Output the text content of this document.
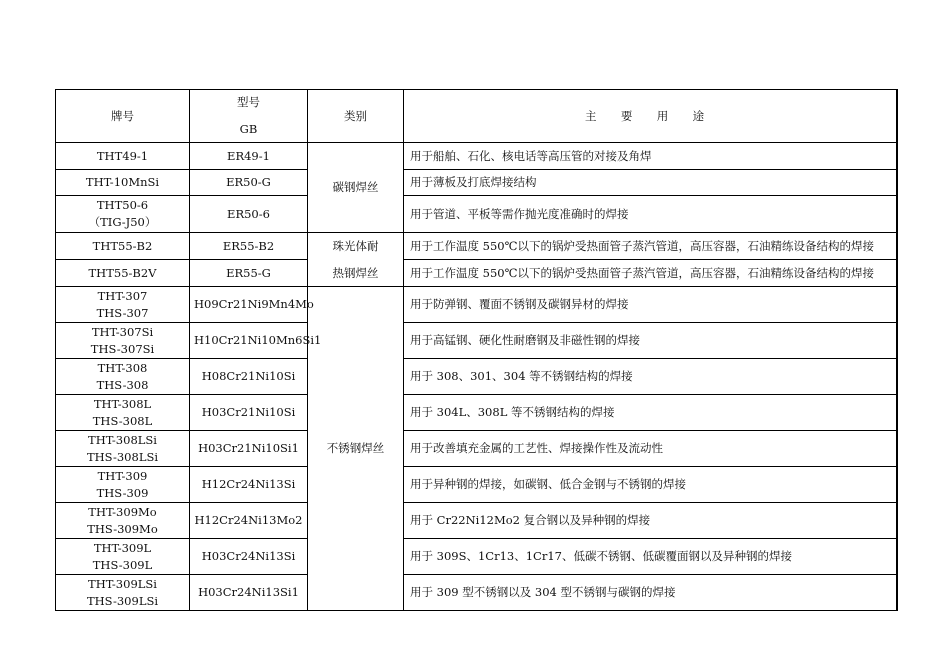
牌号	型号
GB	类别	主 要 用 途

THT49-1	ER49-1	碳钢焊丝	用于船舶、石化、核电话等高压管的对接及角焊

THT-10MnSi	ER50-G		用于薄板及打底焊接结构

THT50-6
（TIG-J50）	ER50-6		用于管道、平板等需作抛光度准确时的焊接

THT55-B2	ER55-B2	珠光体耐
热钢焊丝	用于工作温度 550℃以下的锅炉受热面管子蒸汽管道，高压容器，石油精练设备结构的焊接

THT55-B2V	ER55-G		用于工作温度 550℃以下的锅炉受热面管子蒸汽管道，高压容器，石油精练设备结构的焊接

THT-307
THS-307	H09Cr21Ni9Mn4Mo	不锈钢焊丝	用于防弹钢、覆面不锈钢及碳钢异材的焊接

THT-307Si
THS-307Si	H10Cr21Ni10Mn6Si1		用于高锰钢、硬化性耐磨钢及非磁性钢的焊接

THT-308
THS-308	H08Cr21Ni10Si		用于 308、301、304 等不锈钢结构的焊接

THT-308L
THS-308L	H03Cr21Ni10Si		用于 304L、308L 等不锈钢结构的焊接

THT-308LSi
THS-308LSi	H03Cr21Ni10Si1		用于改善填充金属的工艺性、焊接操作性及流动性

THT-309
THS-309	H12Cr24Ni13Si		用于异种钢的焊接，如碳钢、低合金钢与不锈钢的焊接

THT-309Mo
THS-309Mo	H12Cr24Ni13Mo2		用于 Cr22Ni12Mo2 复合钢以及异种钢的焊接

THT-309L
THS-309L	H03Cr24Ni13Si		用于 309S、1Cr13、1Cr17、低碳不锈钢、低碳覆面钢以及异种钢的焊接

THT-309LSi
THS-309LSi	H03Cr24Ni13Si1		用于 309 型不锈钢以及 304 型不锈钢与碳钢的焊接
